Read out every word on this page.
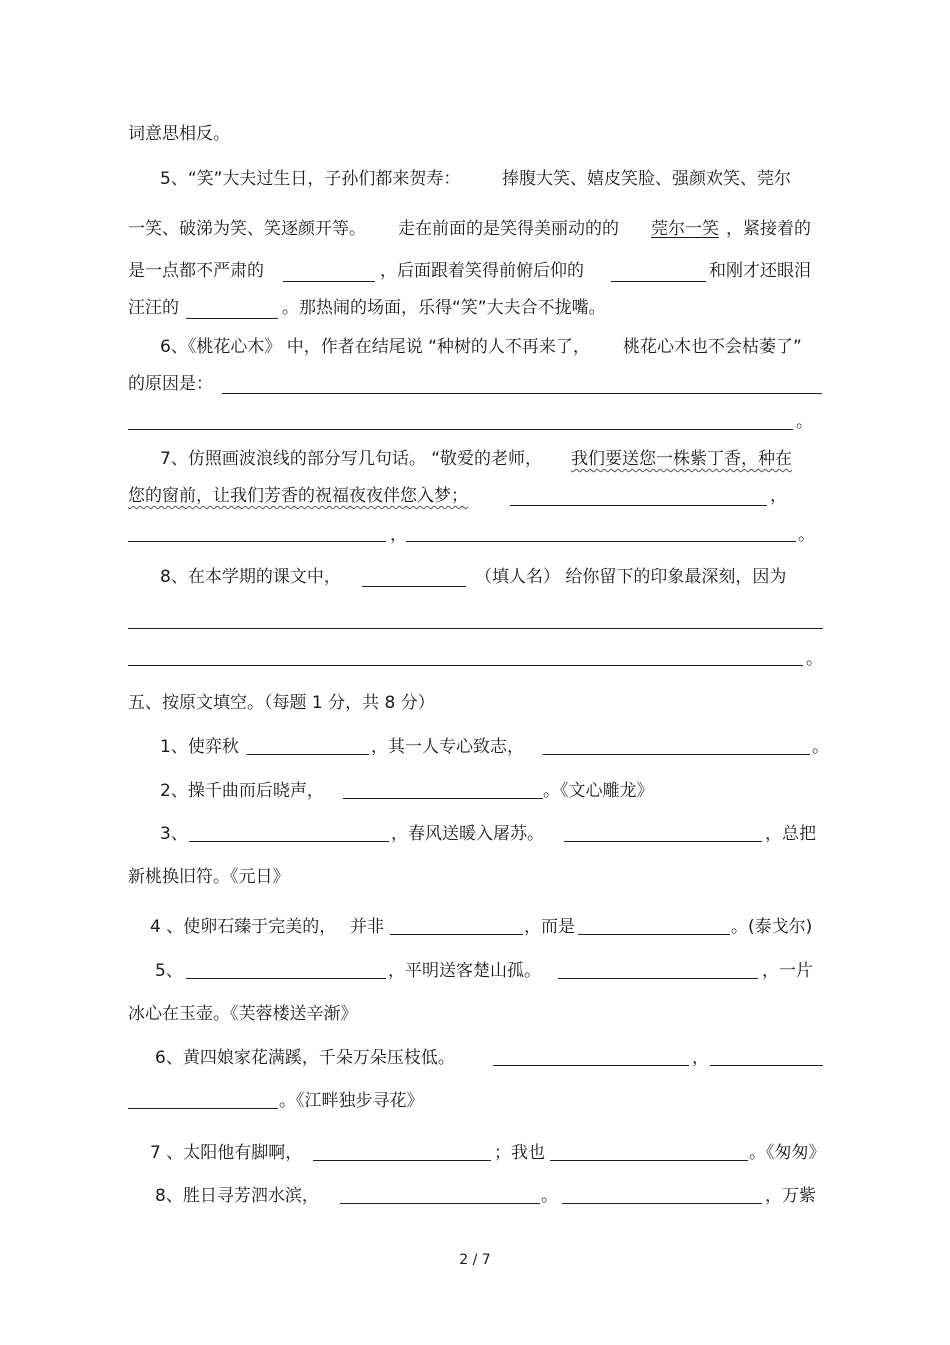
词意思相反。
5、“笑”大夫过生日，子孙们都来贺寿： 捧腹大笑、嬉皮笑脸、强颜欢笑、莞尔
一笑、破涕为笑、笑逐颜开等。 走在前面的是笑得美丽动的的 莞尔一笑 ，紧接着的
是一点都不严肃的	，后面跟着笑得前俯后仰的	和刚才还眼泪
汪汪的	。那热闹的场面，乐得“笑”大夫合不拢嘴。
6、《桃花心木》 中，作者在结尾说 “种树的人不再来了， 桃花心木也不会枯萎了”
的原因是：
。
7、仿照画波浪线的部分写几句话。 “敬爱的老师， 我们要送您一株紫丁香，种在
您的窗前，让我们芳香的祝福夜夜伴您入梦；	，
，	。
8、在本学期的课文中，	（填人名） 给你留下的印象最深刻，因为
。
五、按原文填空。（每题 1 分，共 8 分）
1、使弈秋	，其一人专心致志，	。
2、操千曲而后晓声，	。《文心雕龙》
3、	，春风送暖入屠苏。	，总把
新桃换旧符。《元日》
4 、使卵石臻于完美的， 并非	，而是	。(泰戈尔)
5、	，平明送客楚山孤。	，一片
冰心在玉壶。《芙蓉楼送辛渐》
6、黄四娘家花满蹊，千朵万朵压枝低。	，
。《江畔独步寻花》
7 、太阳他有脚啊，	；我也	。《匆匆》
8、胜日寻芳泗水滨，	。	，万紫
2 / 7
